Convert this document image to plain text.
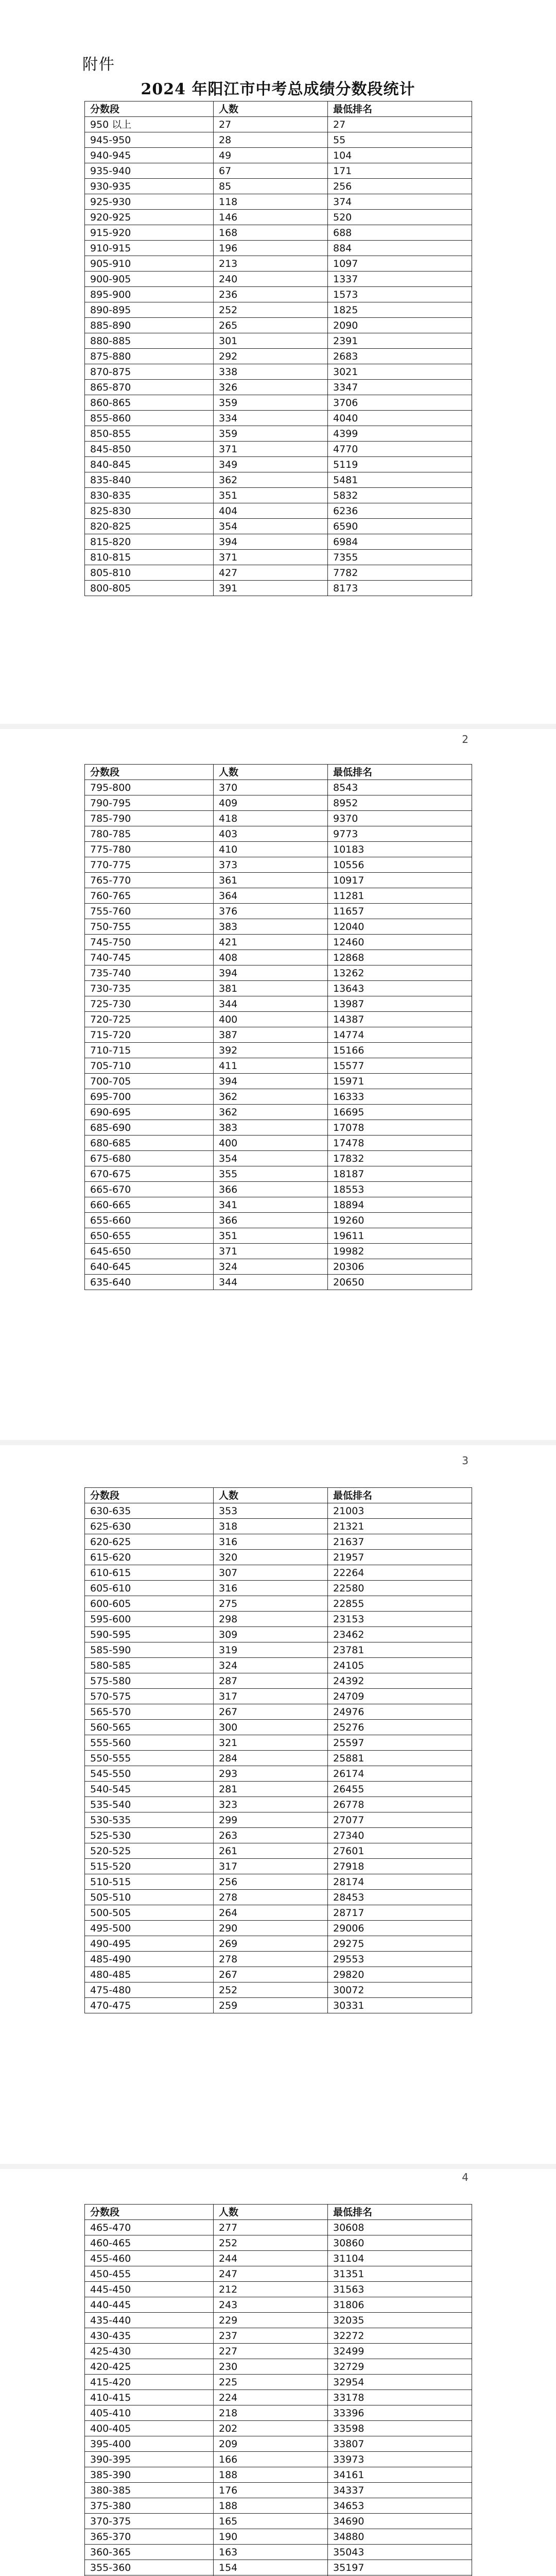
附件
2024 年阳江市中考总成绩分数段统计
分数段	人数	最低排名
950 以上	27	27
945-950	28	55
940-945	49	104
935-940	67	171
930-935	85	256
925-930	118	374
920-925	146	520
915-920	168	688
910-915	196	884
905-910	213	1097
900-905	240	1337
895-900	236	1573
890-895	252	1825
885-890	265	2090
880-885	301	2391
875-880	292	2683
870-875	338	3021
865-870	326	3347
860-865	359	3706
855-860	334	4040
850-855	359	4399
845-850	371	4770
840-845	349	5119
835-840	362	5481
830-835	351	5832
825-830	404	6236
820-825	354	6590
815-820	394	6984
810-815	371	7355
805-810	427	7782
800-805	391	8173
2
分数段	人数	最低排名
795-800	370	8543
790-795	409	8952
785-790	418	9370
780-785	403	9773
775-780	410	10183
770-775	373	10556
765-770	361	10917
760-765	364	11281
755-760	376	11657
750-755	383	12040
745-750	421	12460
740-745	408	12868
735-740	394	13262
730-735	381	13643
725-730	344	13987
720-725	400	14387
715-720	387	14774
710-715	392	15166
705-710	411	15577
700-705	394	15971
695-700	362	16333
690-695	362	16695
685-690	383	17078
680-685	400	17478
675-680	354	17832
670-675	355	18187
665-670	366	18553
660-665	341	18894
655-660	366	19260
650-655	351	19611
645-650	371	19982
640-645	324	20306
635-640	344	20650
3
分数段	人数	最低排名
630-635	353	21003
625-630	318	21321
620-625	316	21637
615-620	320	21957
610-615	307	22264
605-610	316	22580
600-605	275	22855
595-600	298	23153
590-595	309	23462
585-590	319	23781
580-585	324	24105
575-580	287	24392
570-575	317	24709
565-570	267	24976
560-565	300	25276
555-560	321	25597
550-555	284	25881
545-550	293	26174
540-545	281	26455
535-540	323	26778
530-535	299	27077
525-530	263	27340
520-525	261	27601
515-520	317	27918
510-515	256	28174
505-510	278	28453
500-505	264	28717
495-500	290	29006
490-495	269	29275
485-490	278	29553
480-485	267	29820
475-480	252	30072
470-475	259	30331
4
分数段	人数	最低排名
465-470	277	30608
460-465	252	30860
455-460	244	31104
450-455	247	31351
445-450	212	31563
440-445	243	31806
435-440	229	32035
430-435	237	32272
425-430	227	32499
420-425	230	32729
415-420	225	32954
410-415	224	33178
405-410	218	33396
400-405	202	33598
395-400	209	33807
390-395	166	33973
385-390	188	34161
380-385	176	34337
375-380	188	34653
370-375	165	34690
365-370	190	34880
360-365	163	35043
355-360	154	35197
